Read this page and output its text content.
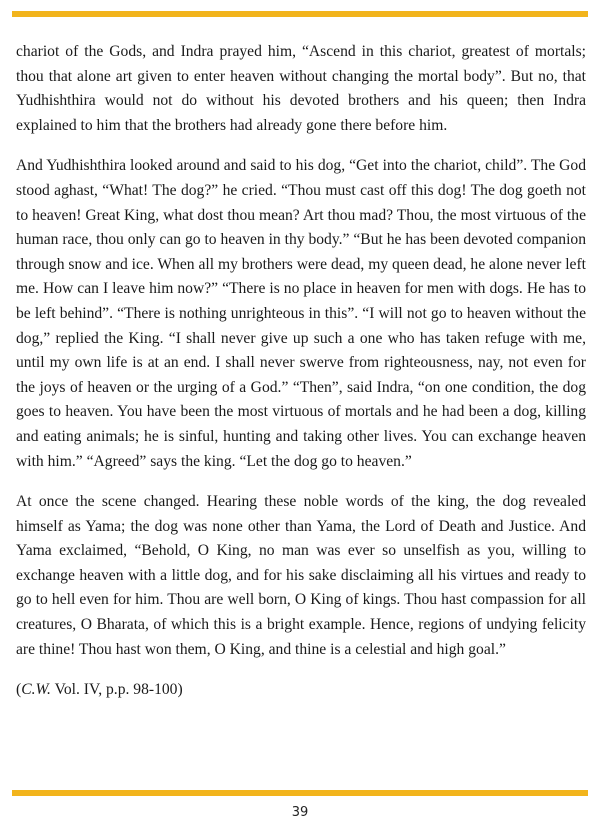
chariot of the Gods, and Indra prayed him, “Ascend in this chariot, greatest of mortals; thou that alone art given to enter heaven without changing the mortal body”. But no, that Yudhishthira would not do without his devoted brothers and his queen; then Indra explained to him that the brothers had already gone there before him.

And Yudhishthira looked around and said to his dog, “Get into the chariot, child”. The God stood aghast, “What! The dog?” he cried. “Thou must cast off this dog! The dog goeth not to heaven! Great King, what dost thou mean? Art thou mad? Thou, the most virtuous of the human race, thou only can go to heaven in thy body.” “But he has been devoted companion through snow and ice. When all my brothers were dead, my queen dead, he alone never left me. How can I leave him now?” “There is no place in heaven for men with dogs. He has to be left behind”. “There is nothing unrighteous in this”. “I will not go to heaven without the dog,” replied the King. “I shall never give up such a one who has taken refuge with me, until my own life is at an end. I shall never swerve from righteousness, nay, not even for the joys of heaven or the urging of a God.” “Then”, said Indra, “on one condition, the dog goes to heaven. You have been the most virtuous of mortals and he had been a dog, killing and eating animals; he is sinful, hunting and taking other lives. You can exchange heaven with him.” “Agreed” says the king. “Let the dog go to heaven.”

At once the scene changed. Hearing these noble words of the king, the dog revealed himself as Yama; the dog was none other than Yama, the Lord of Death and Justice. And Yama exclaimed, “Behold, O King, no man was ever so unselfish as you, willing to exchange heaven with a little dog, and for his sake disclaiming all his virtues and ready to go to hell even for him. Thou are well born, O King of kings. Thou hast compassion for all creatures, O Bharata, of which this is a bright example. Hence, regions of undying felicity are thine! Thou hast won them, O King, and thine is a celestial and high goal.”

(C.W. Vol. IV, p.p. 98-100)

39
